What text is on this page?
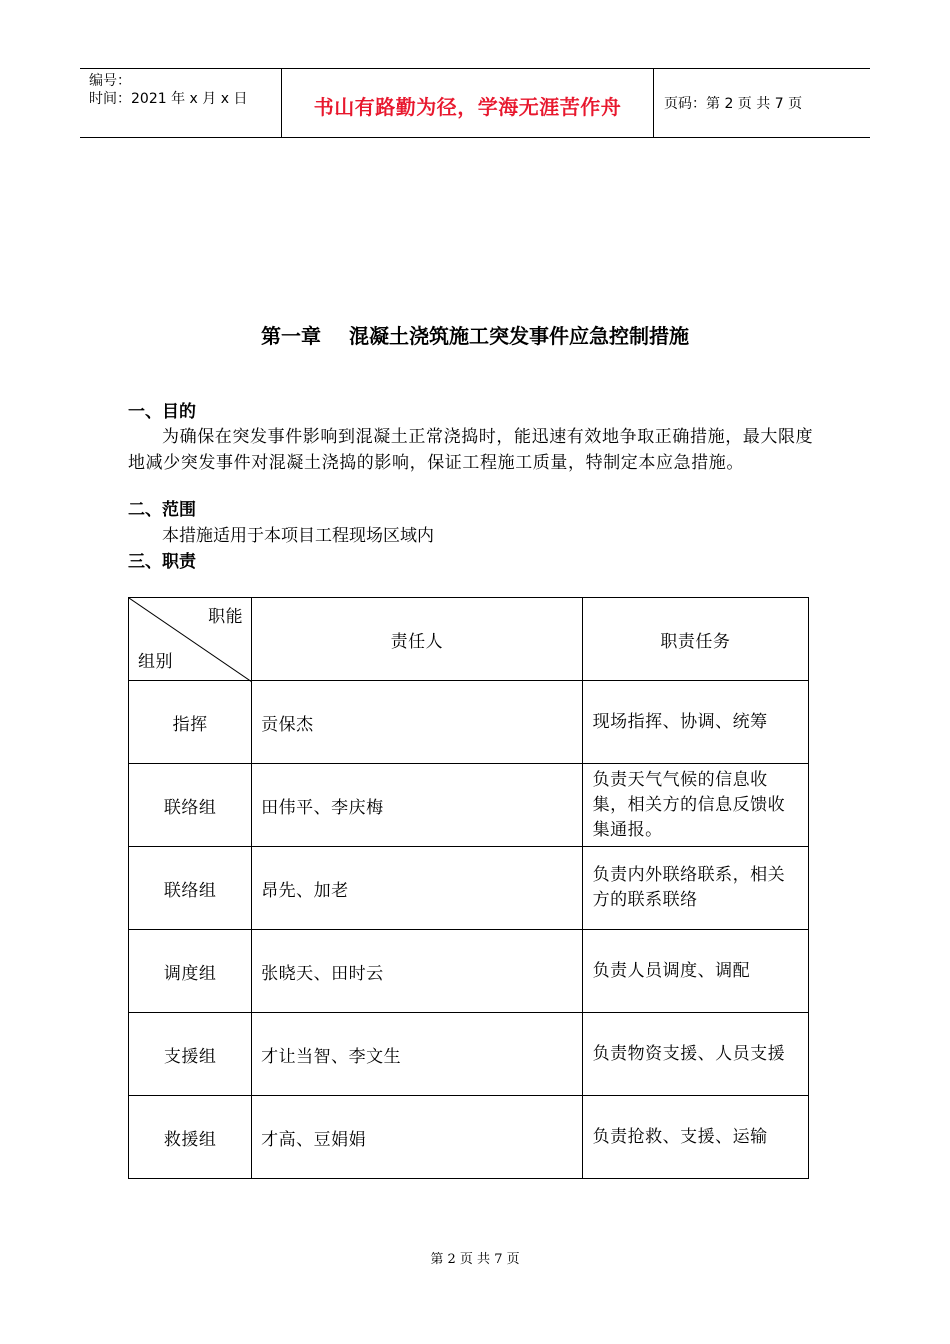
编号：
时间：2021 年 x 月 x 日	书山有路勤为径，学海无涯苦作舟	页码：第 2 页 共 7 页
第一章 混凝土浇筑施工突发事件应急控制措施
一、目的
为确保在突发事件影响到混凝土正常浇捣时，能迅速有效地争取正确措施，最大限度地减少突发事件对混凝土浇捣的影响，保证工程施工质量，特制定本应急措施。
二、范围
本措施适用于本项目工程现场区域内
三、职责
职能
组别	责任人	职责任务
指挥	贡保杰	现场指挥、协调、统筹
联络组	田伟平、李庆梅	负责天气气候的信息收集，相关方的信息反馈收集通报。
联络组	昂先、加老	负责内外联络联系，相关方的联系联络
调度组	张晓天、田时云	负责人员调度、调配
支援组	才让当智、李文生	负责物资支援、人员支援
救援组	才高、豆娟娟	负责抢救、支援、运输
第 2 页 共 7 页
